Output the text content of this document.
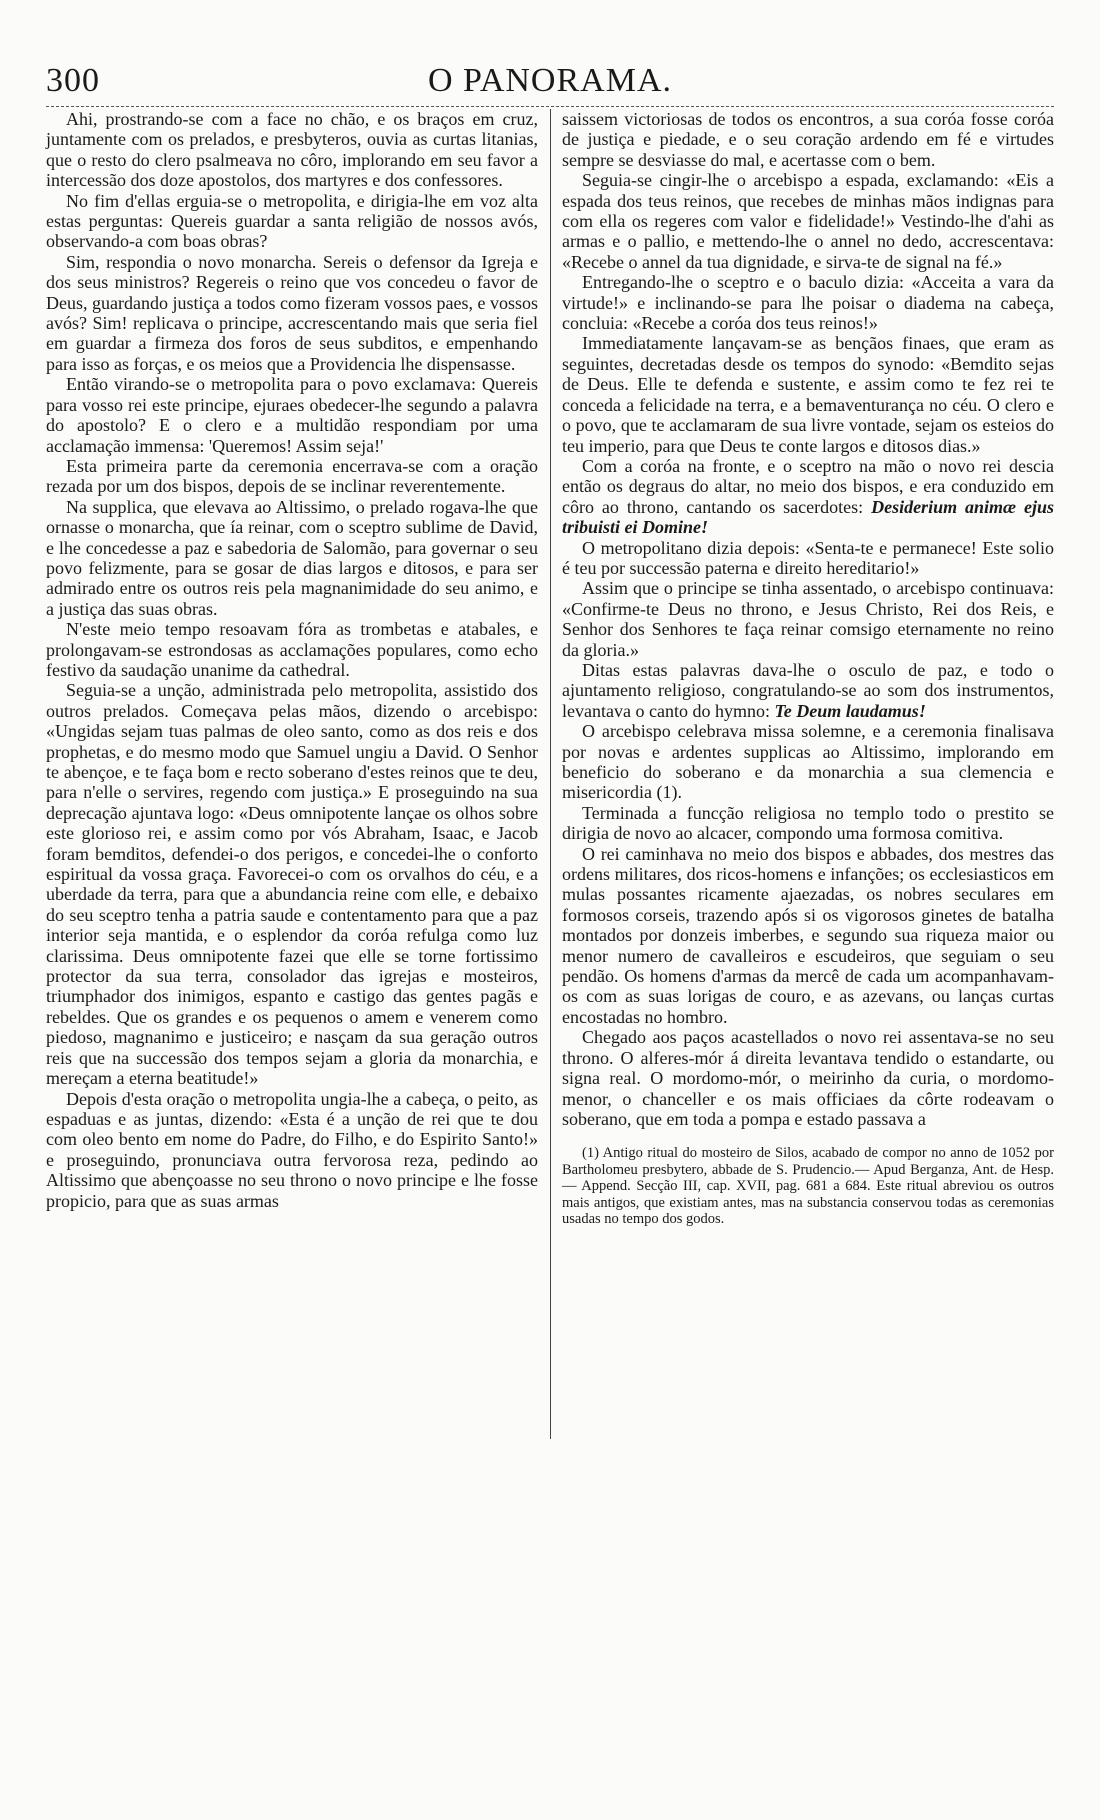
300	O PANORAMA.

Ahi, prostrando-se com a face no chão, e os braços em cruz, juntamente com os prelados, e presbyteros, ouvia as curtas litanias, que o resto do clero psalmeava no côro, implorando em seu favor a intercessão dos doze apostolos, dos martyres e dos confessores.

No fim d'ellas erguia-se o metropolita, e dirigia-lhe em voz alta estas perguntas: Quereis guardar a santa religião de nossos avós, observando-a com boas obras?

Sim, respondia o novo monarcha. Sereis o defensor da Igreja e dos seus ministros? Regereis o reino que vos concedeu o favor de Deus, guardando justiça a todos como fizeram vossos paes, e vossos avós? Sim! replicava o principe, accrescentando mais que seria fiel em guardar a firmeza dos foros de seus subditos, e empenhando para isso as forças, e os meios que a Providencia lhe dispensasse.

Então virando-se o metropolita para o povo exclamava: Quereis para vosso rei este principe, ejuraes obedecer-lhe segundo a palavra do apostolo? E o clero e a multidão respondiam por uma acclamação immensa: 'Queremos! Assim seja!'

Esta primeira parte da ceremonia encerrava-se com a oração rezada por um dos bispos, depois de se inclinar reverentemente.

Na supplica, que elevava ao Altissimo, o prelado rogava-lhe que ornasse o monarcha, que ía reinar, com o sceptro sublime de David, e lhe concedesse a paz e sabedoria de Salomão, para governar o seu povo felizmente, para se gosar de dias largos e ditosos, e para ser admirado entre os outros reis pela magnanimidade do seu animo, e a justiça das suas obras.

N'este meio tempo resoavam fóra as trombetas e atabales, e prolongavam-se estrondosas as acclamações populares, como echo festivo da saudação unanime da cathedral.

Seguia-se a unção, administrada pelo metropolita, assistido dos outros prelados. Começava pelas mãos, dizendo o arcebispo: «Ungidas sejam tuas palmas de oleo santo, como as dos reis e dos prophetas, e do mesmo modo que Samuel ungiu a David. O Senhor te abençoe, e te faça bom e recto soberano d'estes reinos que te deu, para n'elle o servires, regendo com justiça.» E proseguindo na sua deprecação ajuntava logo: «Deus omnipotente lançae os olhos sobre este glorioso rei, e assim como por vós Abraham, Isaac, e Jacob foram bemditos, defendei-o dos perigos, e concedei-lhe o conforto espiritual da vossa graça. Favorecei-o com os orvalhos do céu, e a uberdade da terra, para que a abundancia reine com elle, e debaixo do seu sceptro tenha a patria saude e contentamento para que a paz interior seja mantida, e o esplendor da coróa refulga como luz clarissima. Deus omnipotente fazei que elle se torne fortissimo protector da sua terra, consolador das igrejas e mosteiros, triumphador dos inimigos, espanto e castigo das gentes pagãs e rebeldes. Que os grandes e os pequenos o amem e venerem como piedoso, magnanimo e justiceiro; e nasçam da sua geração outros reis que na successão dos tempos sejam a gloria da monarchia, e mereçam a eterna beatitude!»

Depois d'esta oração o metropolita ungia-lhe a cabeça, o peito, as espaduas e as juntas, dizendo: «Esta é a unção de rei que te dou com oleo bento em nome do Padre, do Filho, e do Espirito Santo!» e proseguindo, pronunciava outra fervorosa reza, pedindo ao Altissimo que abençoasse no seu throno o novo principe e lhe fosse propicio, para que as suas armas

saissem victoriosas de todos os encontros, a sua coróa fosse coróa de justiça e piedade, e o seu coração ardendo em fé e virtudes sempre se desviasse do mal, e acertasse com o bem.

Seguia-se cingir-lhe o arcebispo a espada, exclamando: «Eis a espada dos teus reinos, que recebes de minhas mãos indignas para com ella os regeres com valor e fidelidade!» Vestindo-lhe d'ahi as armas e o pallio, e mettendo-lhe o annel no dedo, accrescentava: «Recebe o annel da tua dignidade, e sirva-te de signal na fé.»

Entregando-lhe o sceptro e o baculo dizia: «Acceita a vara da virtude!» e inclinando-se para lhe poisar o diadema na cabeça, concluia: «Recebe a coróa dos teus reinos!»

Immediatamente lançavam-se as bençãos finaes, que eram as seguintes, decretadas desde os tempos do synodo: «Bemdito sejas de Deus. Elle te defenda e sustente, e assim como te fez rei te conceda a felicidade na terra, e a bemaventurança no céu. O clero e o povo, que te acclamaram de sua livre vontade, sejam os esteios do teu imperio, para que Deus te conte largos e ditosos dias.»

Com a coróa na fronte, e o sceptro na mão o novo rei descia então os degraus do altar, no meio dos bispos, e era conduzido em côro ao throno, cantando os sacerdotes: Desiderium animæ ejus tribuisti ei Domine!

O metropolitano dizia depois: «Senta-te e permanece! Este solio é teu por successão paterna e direito hereditario!»

Assim que o principe se tinha assentado, o arcebispo continuava: «Confirme-te Deus no throno, e Jesus Christo, Rei dos Reis, e Senhor dos Senhores te faça reinar comsigo eternamente no reino da gloria.»

Ditas estas palavras dava-lhe o osculo de paz, e todo o ajuntamento religioso, congratulando-se ao som dos instrumentos, levantava o canto do hymno: Te Deum laudamus!

O arcebispo celebrava missa solemne, e a ceremonia finalisava por novas e ardentes supplicas ao Altissimo, implorando em beneficio do soberano e da monarchia a sua clemencia e misericordia (1).

Terminada a funcção religiosa no templo todo o prestito se dirigia de novo ao alcacer, compondo uma formosa comitiva.

O rei caminhava no meio dos bispos e abbades, dos mestres das ordens militares, dos ricos-homens e infanções; os ecclesiasticos em mulas possantes ricamente ajaezadas, os nobres seculares em formosos corseis, trazendo após si os vigorosos ginetes de batalha montados por donzeis imberbes, e segundo sua riqueza maior ou menor numero de cavalleiros e escudeiros, que seguiam o seu pendão. Os homens d'armas da mercê de cada um acompanhavam-os com as suas lorigas de couro, e as azevans, ou lanças curtas encostadas no hombro.

Chegado aos paços acastellados o novo rei assentava-se no seu throno. O alferes-mór á direita levantava tendido o estandarte, ou signa real. O mordomo-mór, o meirinho da curia, o mordomo-menor, o chanceller e os mais officiaes da côrte rodeavam o soberano, que em toda a pompa e estado passava a

(1) Antigo ritual do mosteiro de Silos, acabado de compor no anno de 1052 por Bartholomeu presbytero, abbade de S. Prudencio.— Apud Berganza, Ant. de Hesp.— Append. Secção III, cap. XVII, pag. 681 a 684. Este ritual abreviou os outros mais antigos, que existiam antes, mas na substancia conservou todas as ceremonias usadas no tempo dos godos.
